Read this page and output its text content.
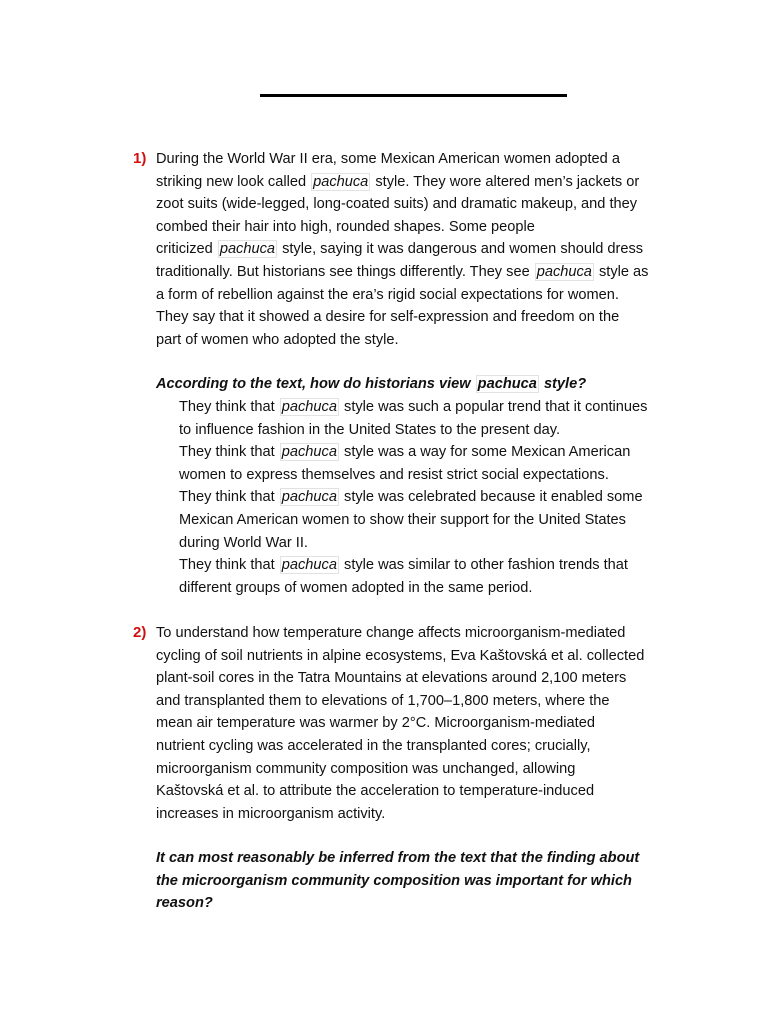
1) During the World War II era, some Mexican American women adopted a
striking new look called pachuca style. They wore altered men’s jackets or
zoot suits (wide-legged, long-coated suits) and dramatic makeup, and they
combed their hair into high, rounded shapes. Some people
criticized pachuca style, saying it was dangerous and women should dress
traditionally. But historians see things differently. They see pachuca style as
a form of rebellion against the era’s rigid social expectations for women.
They say that it showed a desire for self-expression and freedom on the
part of women who adopted the style.
According to the text, how do historians view pachuca style?
They think that pachuca style was such a popular trend that it continues
to influence fashion in the United States to the present day.
They think that pachuca style was a way for some Mexican American
women to express themselves and resist strict social expectations.
They think that pachuca style was celebrated because it enabled some
Mexican American women to show their support for the United States
during World War II.
They think that pachuca style was similar to other fashion trends that
different groups of women adopted in the same period.
2) To understand how temperature change affects microorganism-mediated
cycling of soil nutrients in alpine ecosystems, Eva Kaštovská et al. collected
plant-soil cores in the Tatra Mountains at elevations around 2,100 meters
and transplanted them to elevations of 1,700–1,800 meters, where the
mean air temperature was warmer by 2°C. Microorganism-mediated
nutrient cycling was accelerated in the transplanted cores; crucially,
microorganism community composition was unchanged, allowing
Kaštovská et al. to attribute the acceleration to temperature-induced
increases in microorganism activity.
It can most reasonably be inferred from the text that the finding about
the microorganism community composition was important for which
reason?
